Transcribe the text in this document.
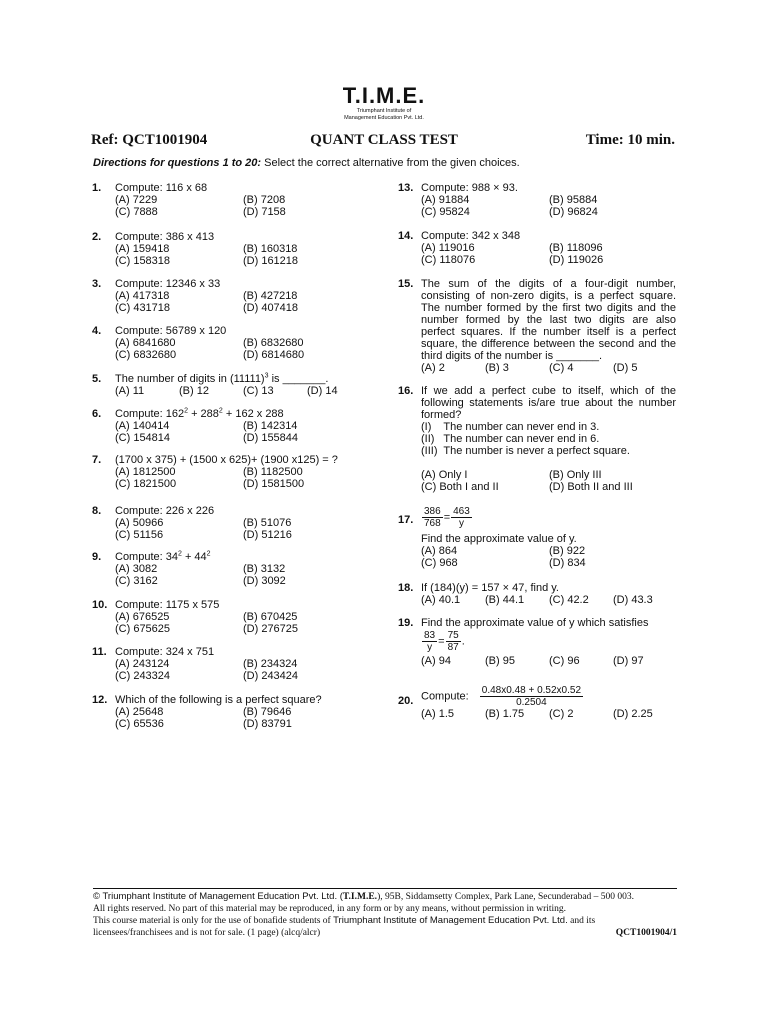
T.I.M.E.
Triumphant Institute of
Management Education Pvt. Ltd.
QUANT CLASS TEST
Ref: QCT1001904	Time: 10 min.
Directions for questions 1 to 20: Select the correct alternative from the given choices.
1. Compute: 116 x 68
(A) 7229	(B) 7208
(C) 7888	(D) 7158
2. Compute: 386 x 413
(A) 159418	(B) 160318
(C) 158318	(D) 161218
3. Compute: 12346 x 33
(A) 417318	(B) 427218
(C) 431718	(D) 407418
4. Compute: 56789 x 120
(A) 6841680	(B) 6832680
(C) 6832680	(D) 6814680
5. The number of digits in $(11111)^3$ is _______.
(A) 11	(B) 12	(C) 13	(D) 14
6. Compute: $162^2 + 288^2 + 162$ x 288
(A) 140414	(B) 142314
(C) 154814	(D) 155844
7. (1700 x 375) + (1500 x 625)+ (1900 x125) = ?
(A) 1812500	(B) 1182500
(C) 1821500	(D) 1581500
8. Compute: 226 x 226
(A) 50966	(B) 51076
(C) 51156	(D) 51216
9. Compute: $34^2 + 44^2$
(A) 3082	(B) 3132
(C) 3162	(D) 3092
10. Compute: 1175 x 575
(A) 676525	(B) 670425
(C) 675625	(D) 276725
11. Compute: 324 x 751
(A) 243124	(B) 234324
(C) 243324	(D) 243424
12. Which of the following is a perfect square?
(A) 25648	(B) 79646
(C) 65536	(D) 83791
13. Compute: 988 × 93.
(A) 91884	(B) 95884
(C) 95824	(D) 96824
14. Compute: 342 x 348
(A) 119016	(B) 118096
(C) 118076	(D) 119026
15. The sum of the digits of a four-digit number, consisting of non-zero digits, is a perfect square. The number formed by the first two digits and the number formed by the last two digits are also perfect squares. If the number itself is a perfect square, the difference between the second and the third digits of the number is _______.
(A) 2	(B) 3	(C) 4	(D) 5
16. If we add a perfect cube to itself, which of the following statements is/are true about the number formed?
(I)    The number can never end in 3.
(II)   The number can never end in 6.
(III)  The number is never a perfect square.
(A) Only I	(B) Only III
(C) Both I and II	(D) Both II and III
17. $\frac{386}{768} = \frac{463}{y}$
Find the approximate value of y.
(A) 864	(B) 922
(C) 968	(D) 834
18. If (184)(y) = 157 × 47, find y.
(A) 40.1	(B) 44.1	(C) 42.2	(D) 43.3
19. Find the approximate value of y which satisfies
$\frac{83}{y} = \frac{75}{87}$ .
(A) 94	(B) 95	(C) 96	(D) 97
20. Compute: $\frac{0.48x0.48 + 0.52x0.52}{0.2504}$
(A) 1.5	(B) 1.75	(C) 2	(D) 2.25
© Triumphant Institute of Management Education Pvt. Ltd. (T.I.M.E.), 95B, Siddamsetty Complex, Park Lane, Secunderabad – 500 003.
All rights reserved. No part of this material may be reproduced, in any form or by any means, without permission in writing.
This course material is only for the use of bonafide students of Triumphant Institute of Management Education Pvt. Ltd. and its
licensees/franchisees and is not for sale. (1 page) (alcq/alcr)	QCT1001904/1
